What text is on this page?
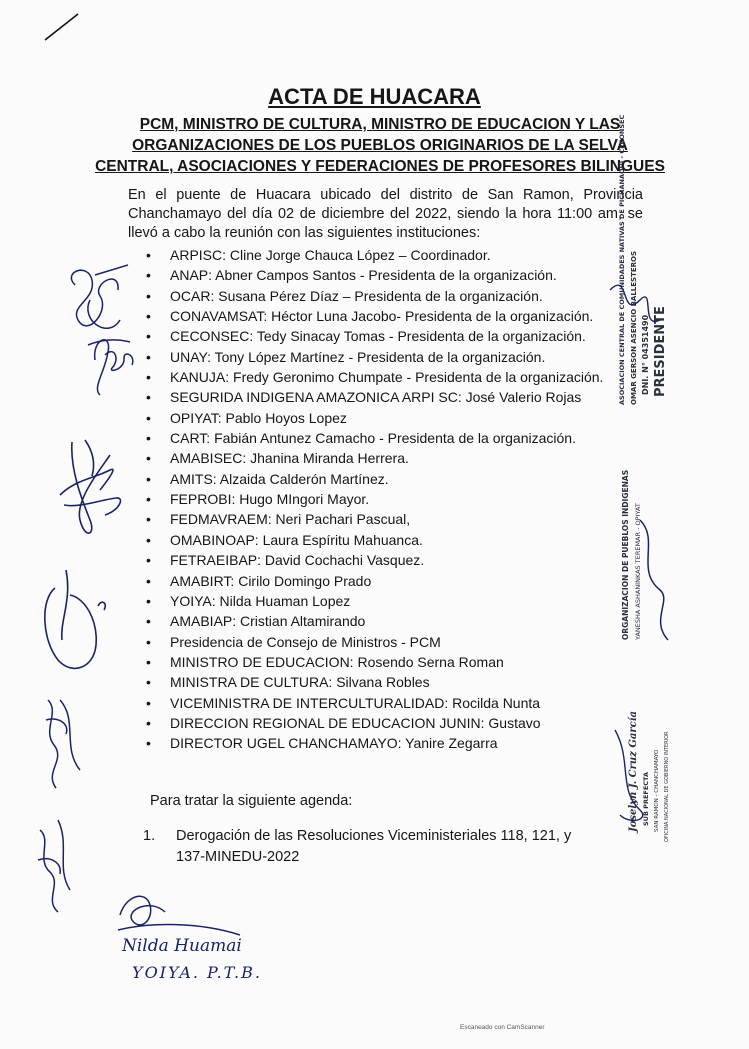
ACTA DE HUACARA
PCM, MINISTRO DE CULTURA, MINISTRO DE EDUCACION Y LAS
ORGANIZACIONES DE LOS PUEBLOS ORIGINARIOS DE LA SELVA
CENTRAL, ASOCIACIONES Y FEDERACIONES DE PROFESORES BILINGUES
En el puente de Huacara ubicado del distrito de San Ramon, Provincia Chanchamayo del día 02 de diciembre del 2022, siendo la hora 11:00 am, se llevó a cabo la reunión con las siguientes instituciones:
• ARPISC: Cline Jorge Chauca López – Coordinador.
• ANAP: Abner Campos Santos - Presidenta de la organización.
• OCAR: Susana Pérez Díaz – Presidenta de la organización.
• CONAVAMSAT: Héctor Luna Jacobo- Presidenta de la organización.
• CECONSEC: Tedy Sinacay Tomas - Presidenta de la organización.
• UNAY: Tony López Martínez - Presidenta de la organización.
• KANUJA: Fredy Geronimo Chumpate - Presidenta de la organización.
• SEGURIDA INDIGENA AMAZONICA ARPI SC: José Valerio Rojas
• OPIYAT: Pablo Hoyos Lopez
• CART: Fabián Antunez Camacho - Presidenta de la organización.
• AMABISEC: Jhanina Miranda Herrera.
• AMITS: Alzaida Calderón Martínez.
• FEPROBI: Hugo MIngori Mayor.
• FEDMAVRAEM: Neri Pachari Pascual,
• OMABINOAP: Laura Espíritu Mahuanca.
• FETRAEIBAP: David Cochachi Vasquez.
• AMABIRT: Cirilo Domingo Prado
• YOIYA: Nilda Huaman Lopez
• AMABIAP: Cristian Altamirando
• Presidencia de Consejo de Ministros - PCM
• MINISTRO DE EDUCACION: Rosendo Serna Roman
• MINISTRA DE CULTURA: Silvana Robles
• VICEMINISTRA DE INTERCULTURALIDAD: Rocilda Nunta
• DIRECCION REGIONAL DE EDUCACION JUNIN: Gustavo
• DIRECTOR UGEL CHANCHAMAYO: Yanire Zegarra
Para tratar la siguiente agenda:
1. Derogación de las Resoluciones Viceministeriales 118, 121, y 137-MINEDU-2022
ASOCIACION CENTRAL DE COMUNIDADES NATIVAS DE PICHANAQUI - CECONSEC OMAR GERSON ASENCIO BALLESTEROS DNI. N° 04351490 PRESIDENTE
ORGANIZACION DE PUEBLOS INDIGENAS YANESHA ASHANINKAS TEREMAR - OPIYAT
Joselyn J. Cruz García SUB PREFECTA SAN RAMON - CHANCHAMAYO OFICINA NACIONAL DE GOBIERNO INTERIOR
Nilda Huamai
YOIYA. P.T.B.
Escaneado con CamScanner
